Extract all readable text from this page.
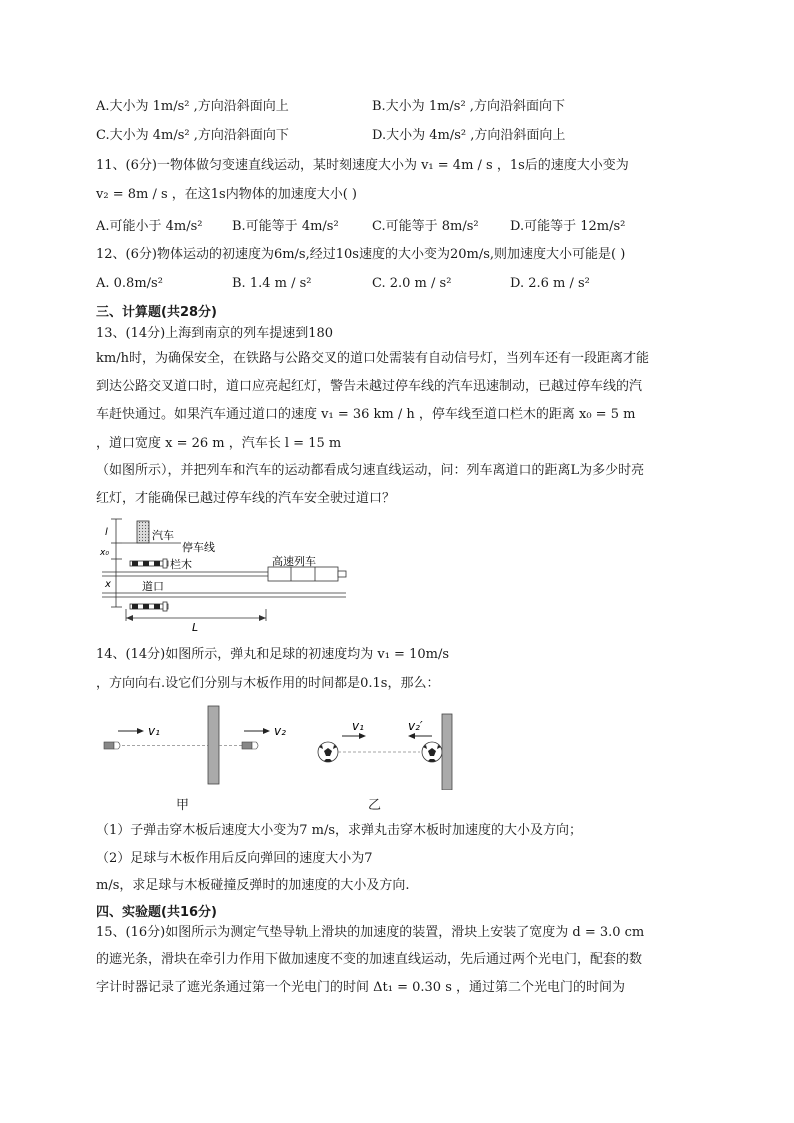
A.大小为 1m/s² ,方向沿斜面向上	B.大小为 1m/s² ,方向沿斜面向下
C.大小为 4m/s² ,方向沿斜面向下	D.大小为 4m/s² ,方向沿斜面向上
11、(6分)一物体做匀变速直线运动，某时刻速度大小为 v₁ = 4m / s ，1s后的速度大小变为
v₂ = 8m / s ，在这1s内物体的加速度大小( )
A.可能小于 4m/s² B.可能等于 4m/s²	C.可能等于 8m/s² D.可能等于 12m/s²
12、(6分)物体运动的初速度为6m/s,经过10s速度的大小变为20m/s,则加速度大小可能是( )
A. 0.8m/s²	B. 1.4 m / s²	C. 2.0 m / s²	D. 2.6 m / s²
三、计算题(共28分)
13、(14分)上海到南京的列车提速到180
km/h时，为确保安全，在铁路与公路交叉的道口处需装有自动信号灯，当列车还有一段距离才能
到达公路交叉道口时，道口应亮起红灯，警告未越过停车线的汽车迅速制动，已越过停车线的汽
车赶快通过。如果汽车通过道口的速度 v₁ = 36 km / h ，停车线至道口栏木的距离 x₀ = 5 m
，道口宽度 x = 26 m ，汽车长 l = 15 m
（如图所示），并把列车和汽车的运动都看成匀速直线运动，问：列车离道口的距离L为多少时亮
红灯，才能确保已越过停车线的汽车安全驶过道口？
l
x₀
x
汽车
停车线
栏木
道口
高速列车
L
14、(14分)如图所示，弹丸和足球的初速度均为 v₁ = 10m/s
，方向向右.设它们分别与木板作用的时间都是0.1s，那么：
v₁	v₂	v₁	v₂′
甲	乙
（1）子弹击穿木板后速度大小变为7 m/s，求弹丸击穿木板时加速度的大小及方向；
（2）足球与木板作用后反向弹回的速度大小为7
m/s，求足球与木板碰撞反弹时的加速度的大小及方向.
四、实验题(共16分)
15、(16分)如图所示为测定气垫导轨上滑块的加速度的装置，滑块上安装了宽度为 d = 3.0 cm
的遮光条，滑块在牵引力作用下做加速度不变的加速直线运动，先后通过两个光电门，配套的数
字计时器记录了遮光条通过第一个光电门的时间 Δt₁ = 0.30 s ，通过第二个光电门的时间为
